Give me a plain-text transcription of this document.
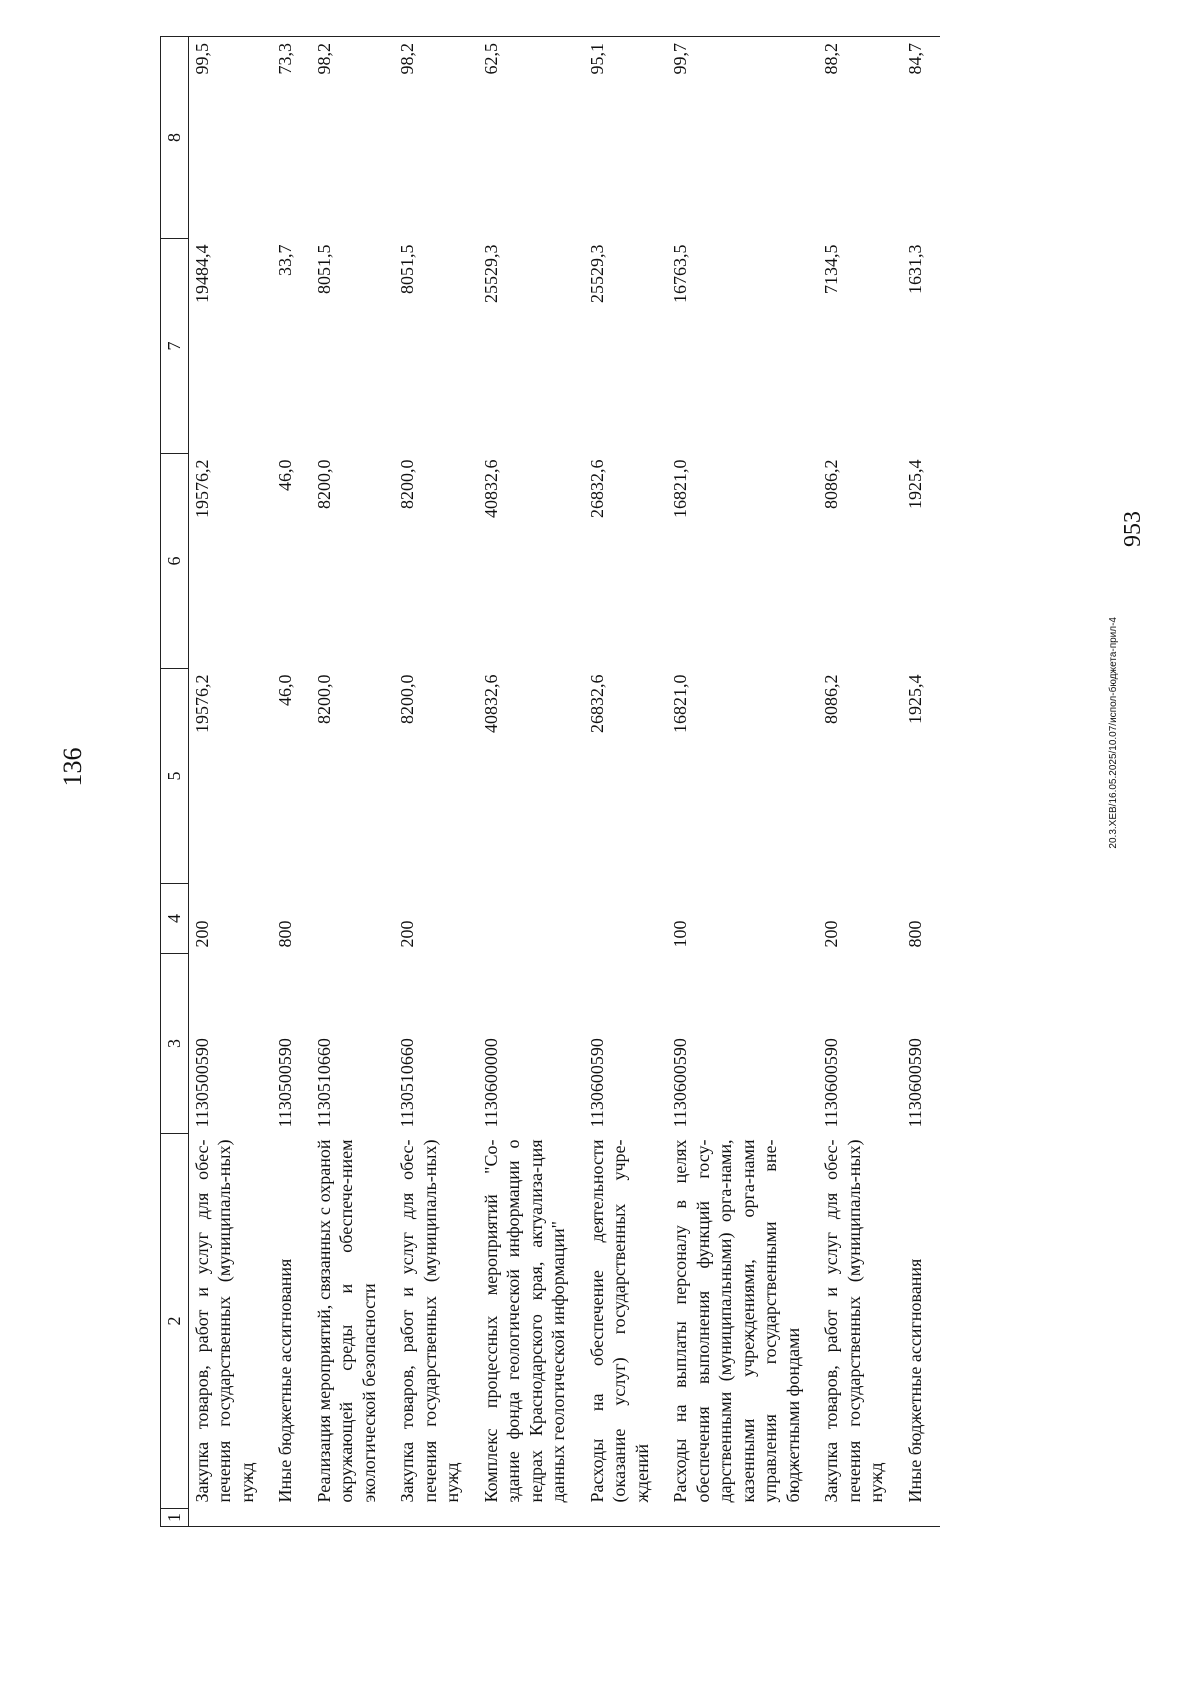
136
1	2	3	4	5	6	7	8
	Закупка товаров, работ и услуг для обес-печения государственных (муниципаль-ных) нужд	1130500590	200	19576,2	19576,2	19484,4	99,5
	Иные бюджетные ассигнования	1130500590	800	46,0	46,0	33,7	73,3
	Реализация мероприятий, связанных с охраной окружающей среды и обеспече-нием экологической безопасности	1130510660		8200,0	8200,0	8051,5	98,2
	Закупка товаров, работ и услуг для обес-печения государственных (муниципаль-ных) нужд	1130510660	200	8200,0	8200,0	8051,5	98,2
	Комплекс процессных мероприятий "Со-здание фонда геологической информации о недрах Краснодарского края, актуализа-ция данных геологической информации"	1130600000		40832,6	40832,6	25529,3	62,5
	Расходы на обеспечение деятельности (оказание услуг) государственных учре-ждений	1130600590		26832,6	26832,6	25529,3	95,1
	Расходы на выплаты персоналу в целях обеспечения выполнения функций госу-дарственными (муниципальными) орга-нами, казенными учреждениями, орга-нами управления государственными вне-бюджетными фондами	1130600590	100	16821,0	16821,0	16763,5	99,7
	Закупка товаров, работ и услуг для обес-печения государственных (муниципаль-ных) нужд	1130600590	200	8086,2	8086,2	7134,5	88,2
	Иные бюджетные ассигнования	1130600590	800	1925,4	1925,4	1631,3	84,7
20.3.ХЕВ/16.05.2025/10.07/испол-бюджета-прил-4
953
